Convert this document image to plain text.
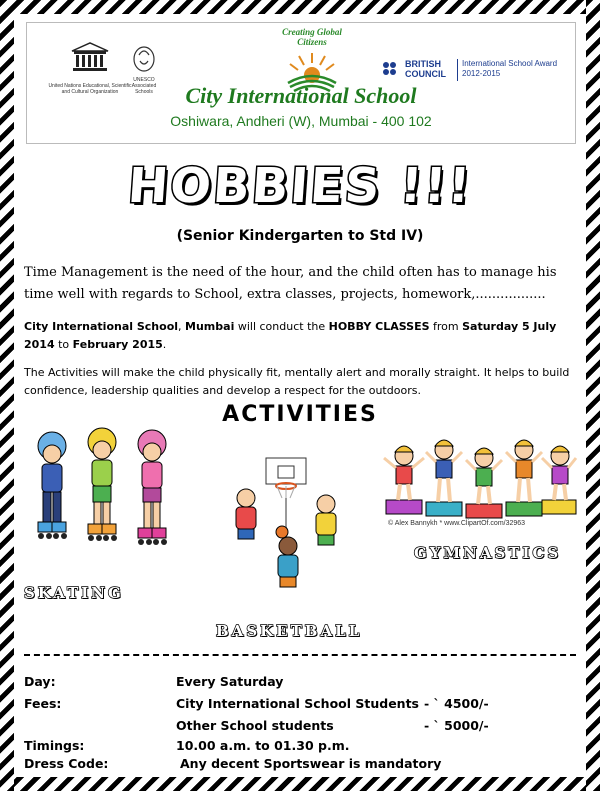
United Nations Educational, Scientific and Cultural Organization
UNESCO Associated Schools
Creating Global Citizens
City International School
Oshiwara, Andheri (W), Mumbai - 400 102
BRITISH COUNCIL
International School Award 2012-2015
HOBBIES !!!
(Senior Kindergarten to Std IV)
Time Management is the need of the hour, and the child often has to manage his time well with regards to School, extra classes, projects, homework,.................
City International School, Mumbai will conduct the HOBBY CLASSES from Saturday 5 July 2014 to February 2015.
The Activities will make the child physically fit, mentally alert and morally straight. It helps to build confidence, leadership qualities and develop a respect for the outdoors.
ACTIVITIES
© Alex Bannykh * www.ClipartOf.com/32963
GYMNASTICS
SKATING
BASKETBALL
Day:	Every Saturday
Fees:	City International School Students - ` 4500/-
Other School students	- ` 5000/-
Timings:	10.00 a.m. to 01.30 p.m.
Dress Code:	Any decent Sportswear is mandatory
